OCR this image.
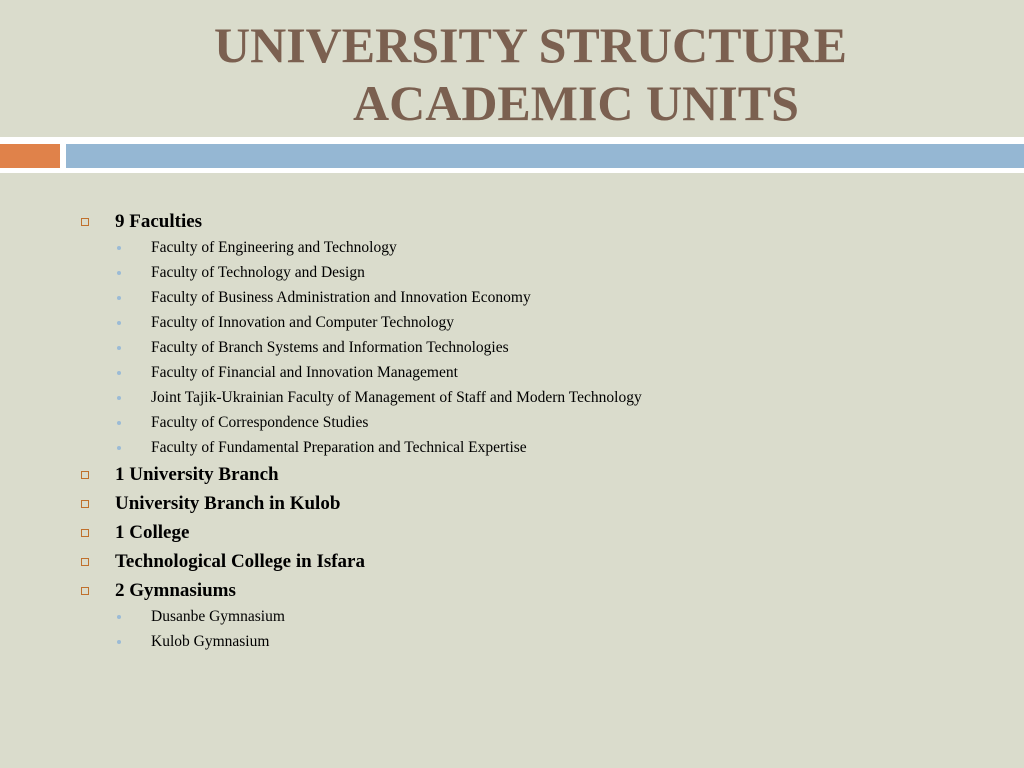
UNIVERSITY STRUCTURE
ACADEMIC UNITS
9 Faculties
Faculty of Engineering and Technology
Faculty of Technology and Design
Faculty of Business Administration and Innovation Economy
Faculty of Innovation and Computer Technology
Faculty of Branch Systems and Information Technologies
Faculty of Financial and Innovation Management
Joint Tajik-Ukrainian Faculty of Management of Staff and Modern Technology
Faculty of Correspondence Studies
Faculty of Fundamental Preparation and Technical Expertise
1 University Branch
University Branch in Kulob
1 College
Technological College in Isfara
2 Gymnasiums
Dusanbe Gymnasium
Kulob Gymnasium
